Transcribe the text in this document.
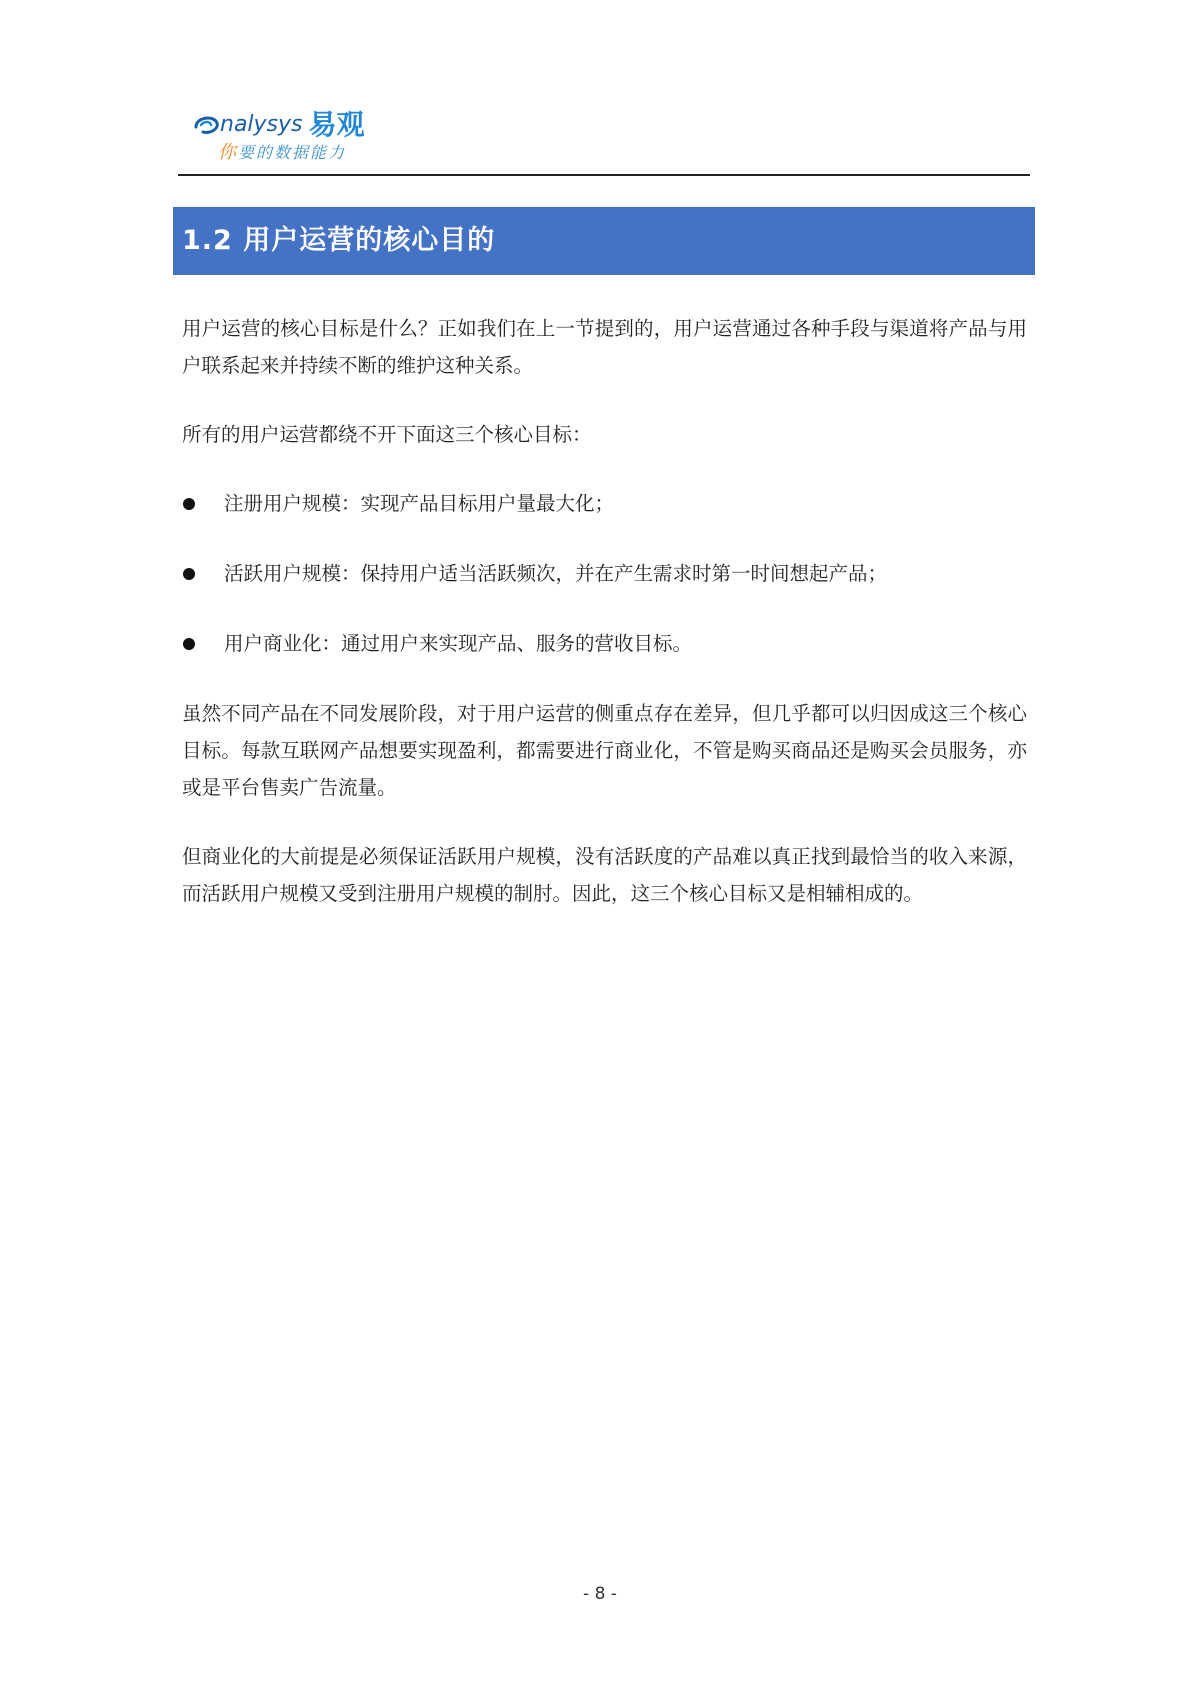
nalysys 易观
你要的数据能力
1.2 用户运营的核心目的

用户运营的核心目标是什么？正如我们在上一节提到的，用户运营通过各种手段与渠道将产品与用户联系起来并持续不断的维护这种关系。

所有的用户运营都绕不开下面这三个核心目标：

注册用户规模：实现产品目标用户量最大化；
活跃用户规模：保持用户适当活跃频次，并在产生需求时第一时间想起产品；
用户商业化：通过用户来实现产品、服务的营收目标。

虽然不同产品在不同发展阶段，对于用户运营的侧重点存在差异，但几乎都可以归因成这三个核心目标。每款互联网产品想要实现盈利，都需要进行商业化，不管是购买商品还是购买会员服务，亦或是平台售卖广告流量。

但商业化的大前提是必须保证活跃用户规模，没有活跃度的产品难以真正找到最恰当的收入来源，而活跃用户规模又受到注册用户规模的制肘。因此，这三个核心目标又是相辅相成的。

- 8 -
